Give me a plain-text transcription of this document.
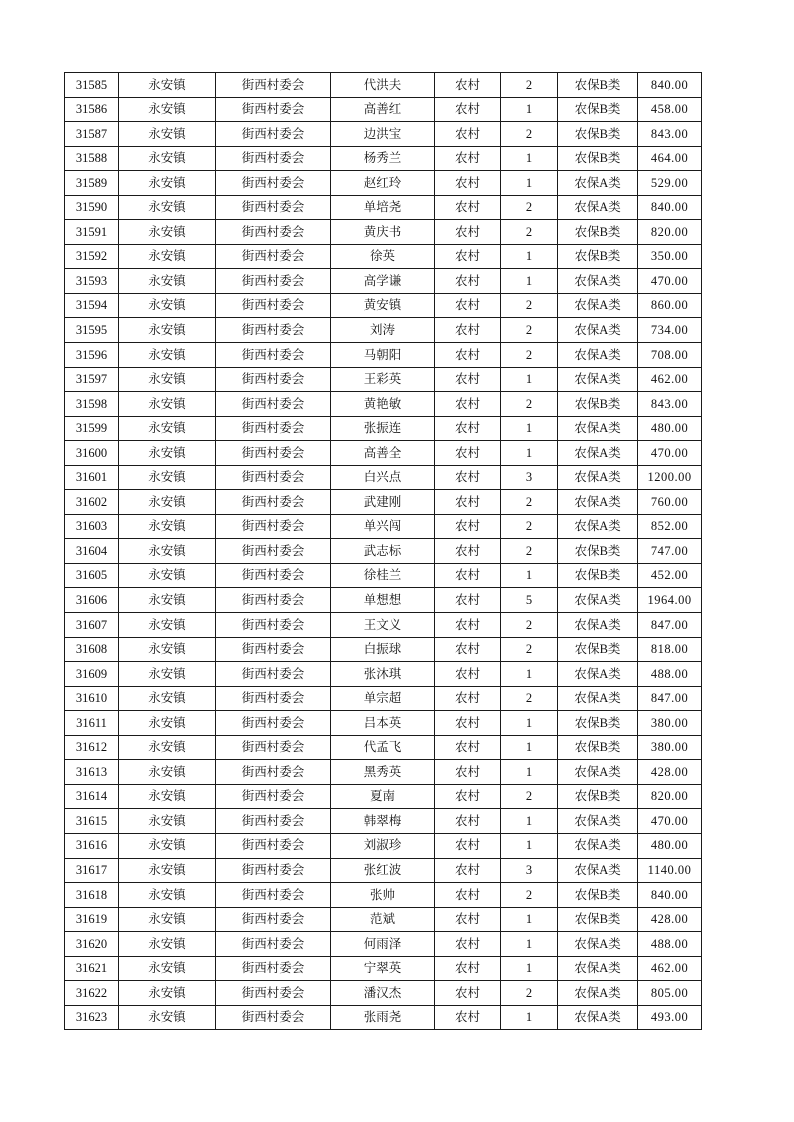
31585	永安镇	街西村委会	代洪夫	农村	2	农保B类	840.00
31586	永安镇	街西村委会	高善红	农村	1	农保B类	458.00
31587	永安镇	街西村委会	边洪宝	农村	2	农保B类	843.00
31588	永安镇	街西村委会	杨秀兰	农村	1	农保B类	464.00
31589	永安镇	街西村委会	赵红玲	农村	1	农保A类	529.00
31590	永安镇	街西村委会	单培尧	农村	2	农保A类	840.00
31591	永安镇	街西村委会	黄庆书	农村	2	农保B类	820.00
31592	永安镇	街西村委会	徐英	农村	1	农保B类	350.00
31593	永安镇	街西村委会	高学谦	农村	1	农保A类	470.00
31594	永安镇	街西村委会	黄安镇	农村	2	农保A类	860.00
31595	永安镇	街西村委会	刘涛	农村	2	农保A类	734.00
31596	永安镇	街西村委会	马朝阳	农村	2	农保A类	708.00
31597	永安镇	街西村委会	王彩英	农村	1	农保A类	462.00
31598	永安镇	街西村委会	黄艳敏	农村	2	农保B类	843.00
31599	永安镇	街西村委会	张振连	农村	1	农保A类	480.00
31600	永安镇	街西村委会	高善全	农村	1	农保A类	470.00
31601	永安镇	街西村委会	白兴点	农村	3	农保A类	1200.00
31602	永安镇	街西村委会	武建刚	农村	2	农保A类	760.00
31603	永安镇	街西村委会	单兴闯	农村	2	农保A类	852.00
31604	永安镇	街西村委会	武志标	农村	2	农保B类	747.00
31605	永安镇	街西村委会	徐桂兰	农村	1	农保B类	452.00
31606	永安镇	街西村委会	单想想	农村	5	农保A类	1964.00
31607	永安镇	街西村委会	王文义	农村	2	农保A类	847.00
31608	永安镇	街西村委会	白振球	农村	2	农保B类	818.00
31609	永安镇	街西村委会	张沐琪	农村	1	农保A类	488.00
31610	永安镇	街西村委会	单宗超	农村	2	农保A类	847.00
31611	永安镇	街西村委会	吕本英	农村	1	农保B类	380.00
31612	永安镇	街西村委会	代孟飞	农村	1	农保B类	380.00
31613	永安镇	街西村委会	黑秀英	农村	1	农保A类	428.00
31614	永安镇	街西村委会	夏南	农村	2	农保B类	820.00
31615	永安镇	街西村委会	韩翠梅	农村	1	农保A类	470.00
31616	永安镇	街西村委会	刘淑珍	农村	1	农保A类	480.00
31617	永安镇	街西村委会	张红波	农村	3	农保A类	1140.00
31618	永安镇	街西村委会	张帅	农村	2	农保B类	840.00
31619	永安镇	街西村委会	范斌	农村	1	农保B类	428.00
31620	永安镇	街西村委会	何雨泽	农村	1	农保A类	488.00
31621	永安镇	街西村委会	宁翠英	农村	1	农保A类	462.00
31622	永安镇	街西村委会	潘汉杰	农村	2	农保A类	805.00
31623	永安镇	街西村委会	张雨尧	农村	1	农保A类	493.00
